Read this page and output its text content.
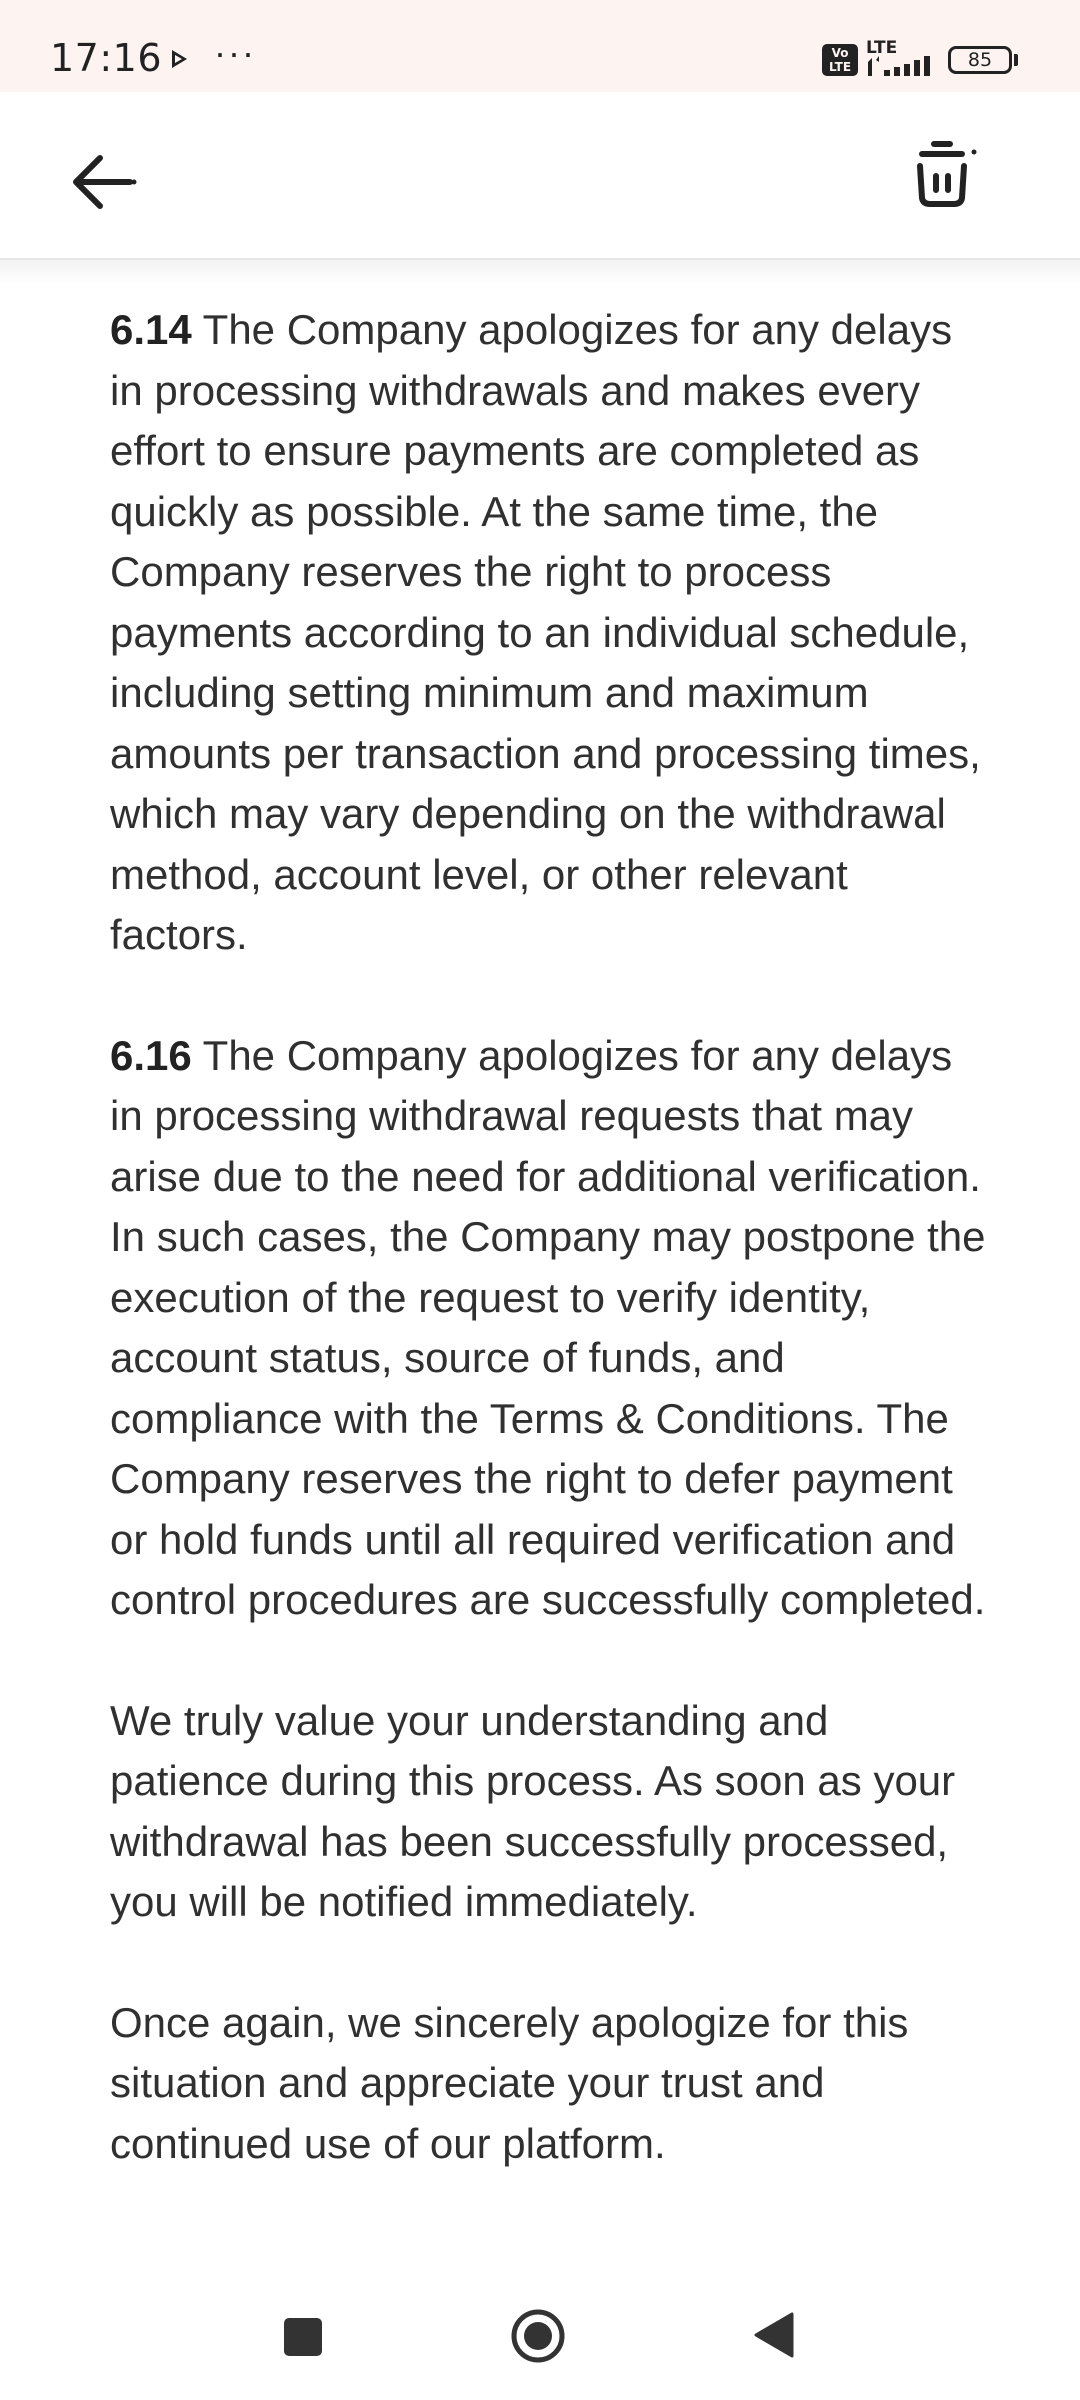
17:16 ···	Vo LTE
LTE
85

6.14 The Company apologizes for any delays in processing withdrawals and makes every effort to ensure payments are completed as quickly as possible. At the same time, the Company reserves the right to process payments according to an individual schedule, including setting minimum and maximum amounts per transaction and processing times, which may vary depending on the withdrawal method, account level, or other relevant factors.

6.16 The Company apologizes for any delays in processing withdrawal requests that may arise due to the need for additional verification. In such cases, the Company may postpone the execution of the request to verify identity, account status, source of funds, and compliance with the Terms & Conditions. The Company reserves the right to defer payment or hold funds until all required verification and control procedures are successfully completed.

We truly value your understanding and patience during this process. As soon as your withdrawal has been successfully processed, you will be notified immediately.

Once again, we sincerely apologize for this situation and appreciate your trust and continued use of our platform.
